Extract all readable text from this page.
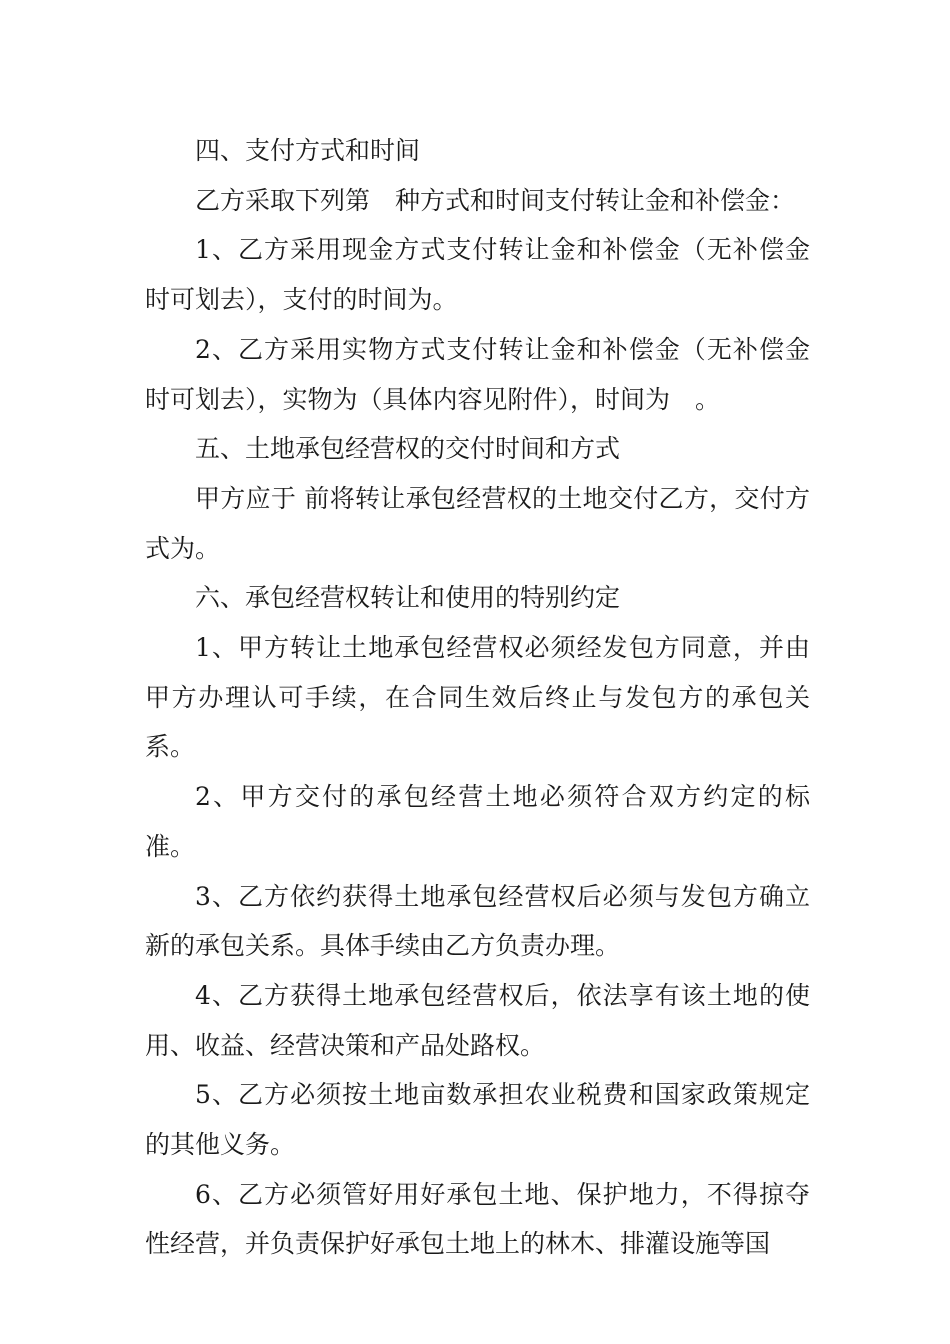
四、支付方式和时间

乙方采取下列第　种方式和时间支付转让金和补偿金：

1、乙方采用现金方式支付转让金和补偿金（无补偿金时可划去），支付的时间为。

2、乙方采用实物方式支付转让金和补偿金（无补偿金时可划去），实物为（具体内容见附件），时间为　。

五、土地承包经营权的交付时间和方式

甲方应于 前将转让承包经营权的土地交付乙方，交付方式为。

六、承包经营权转让和使用的特别约定

1、甲方转让土地承包经营权必须经发包方同意，并由甲方办理认可手续，在合同生效后终止与发包方的承包关系。

2、甲方交付的承包经营土地必须符合双方约定的标准。

3、乙方依约获得土地承包经营权后必须与发包方确立新的承包关系。具体手续由乙方负责办理。

4、乙方获得土地承包经营权后，依法享有该土地的使用、收益、经营决策和产品处路权。

5、乙方必须按土地亩数承担农业税费和国家政策规定的其他义务。

6、乙方必须管好用好承包土地、保护地力，不得掠夺性经营，并负责保护好承包土地上的林木、排灌设施等国
